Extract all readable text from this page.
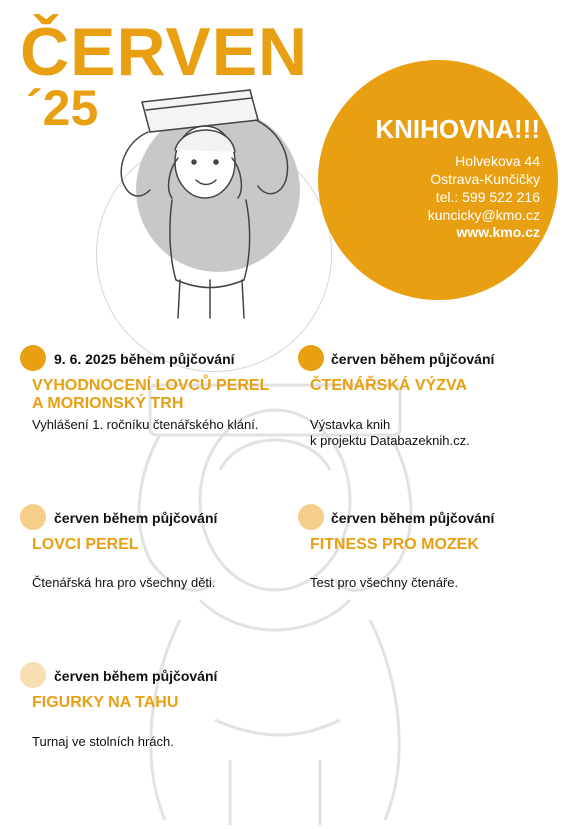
ČERVEN
´25	KNIHOVNA!!!
Holvekova 44
Ostrava-Kunčičky
tel.: 599 522 216
kuncicky@kmo.cz
www.kmo.cz
9. 6. 2025 během půjčování
VYHODNOCENÍ LOVCŮ PEREL
A MORIONSKÝ TRH
Vyhlášení 1. ročníku čtenářského klání.
červen během půjčování
ČTENÁŘSKÁ VÝZVA
Výstavka knih
k projektu Databazeknih.cz.
červen během půjčování
LOVCI PEREL
Čtenářská hra pro všechny děti.
červen během půjčování
FITNESS PRO MOZEK
Test pro všechny čtenáře.
červen během půjčování
FIGURKY NA TAHU
Turnaj ve stolních hrách.
